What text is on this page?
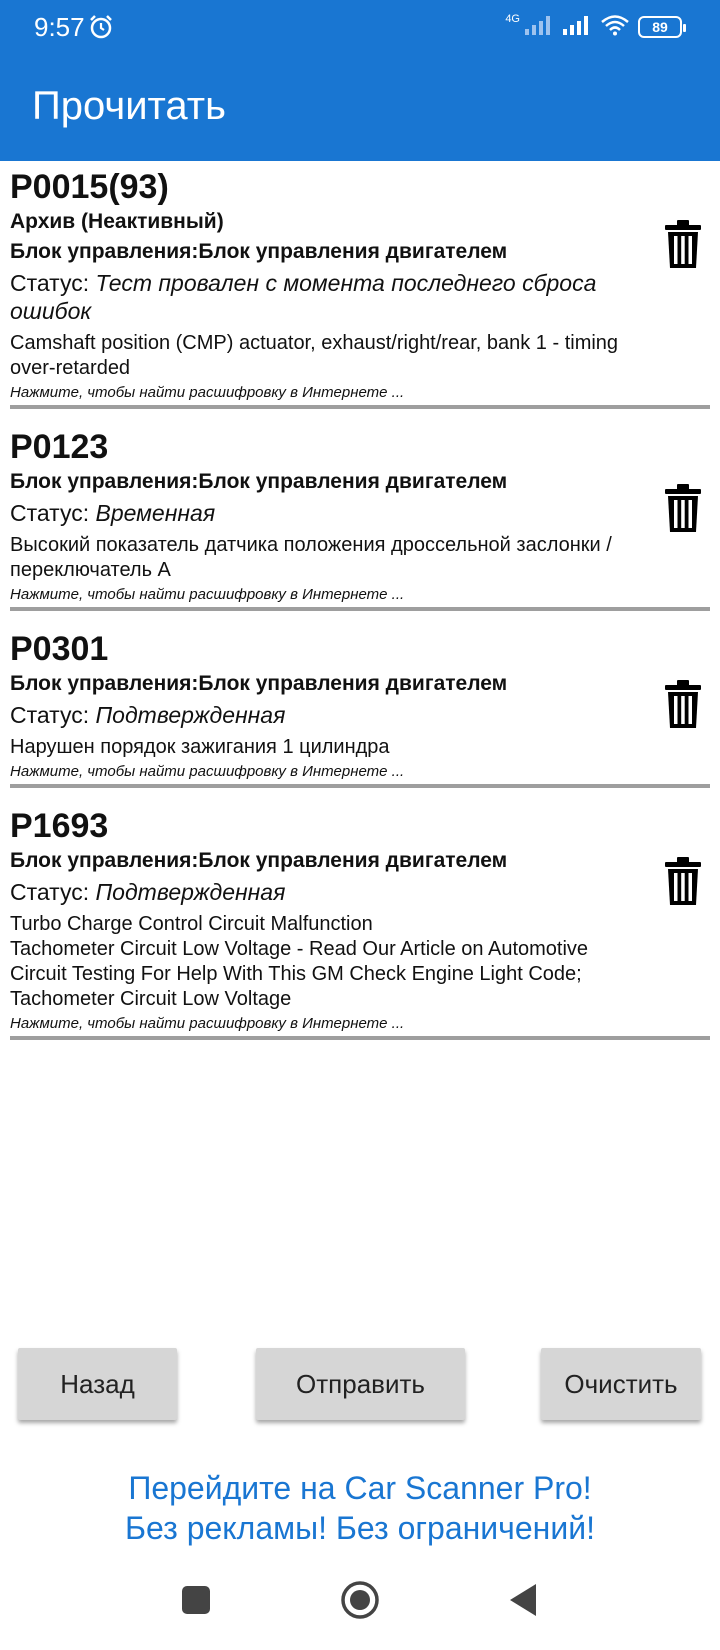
9:57	4G	89
Прочитать
P0015(93)
Архив (Неактивный)
Блок управления:Блок управления двигателем
Статус: Тест провален с момента последнего сброса ошибок
Camshaft position (CMP) actuator, exhaust/right/rear, bank 1 - timing over-retarded
Нажмите, чтобы найти расшифровку в Интернете ...
P0123
Блок управления:Блок управления двигателем
Статус: Временная
Высокий показатель датчика положения дроссельной заслонки / переключатель A
Нажмите, чтобы найти расшифровку в Интернете ...
P0301
Блок управления:Блок управления двигателем
Статус: Подтвержденная
Нарушен порядок зажигания 1 цилиндра
Нажмите, чтобы найти расшифровку в Интернете ...
P1693
Блок управления:Блок управления двигателем
Статус: Подтвержденная
Turbo Charge Control Circuit Malfunction
Tachometer Circuit Low Voltage - Read Our Article on Automotive Circuit Testing For Help With This GM Check Engine Light Code;
Tachometer Circuit Low Voltage
Нажмите, чтобы найти расшифровку в Интернете ...
Назад	Отправить	Очистить
Перейдите на Car Scanner Pro!
Без рекламы! Без ограничений!
